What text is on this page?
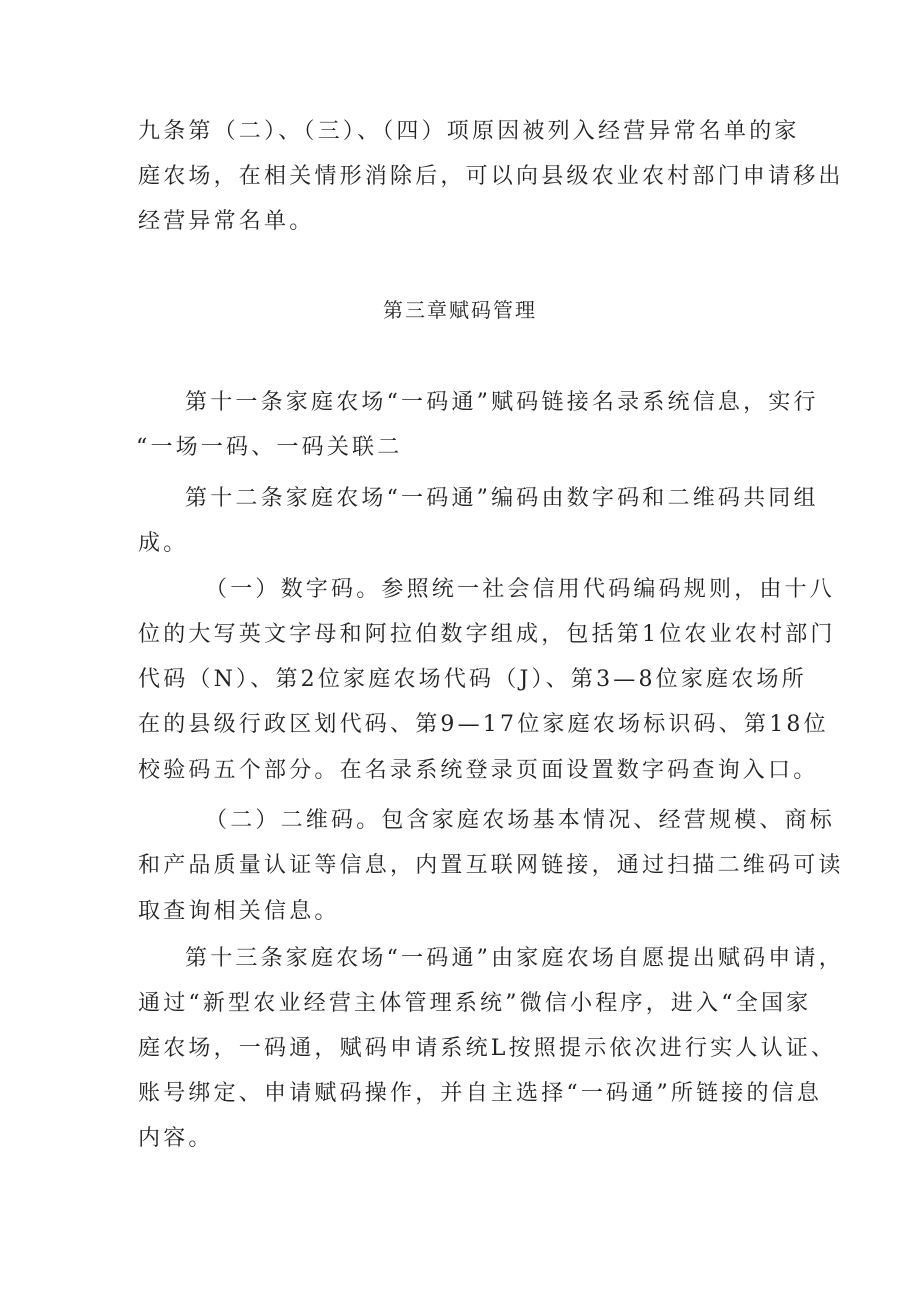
九条第（二）、（三）、（四）项原因被列入经营异常名单的家
庭农场，在相关情形消除后，可以向县级农业农村部门申请移出
经营异常名单。
第三章赋码管理
第十一条家庭农场“一码通”赋码链接名录系统信息，实行
“一场一码、一码关联二
第十二条家庭农场“一码通”编码由数字码和二维码共同组
成。
（一）数字码。参照统一社会信用代码编码规则，由十八
位的大写英文字母和阿拉伯数字组成，包括第1位农业农村部门
代码（N）、第2位家庭农场代码（J）、第3—8位家庭农场所
在的县级行政区划代码、第9—17位家庭农场标识码、第18位
校验码五个部分。在名录系统登录页面设置数字码查询入口。
（二）二维码。包含家庭农场基本情况、经营规模、商标
和产品质量认证等信息，内置互联网链接，通过扫描二维码可读
取查询相关信息。
第十三条家庭农场“一码通”由家庭农场自愿提出赋码申请，
通过“新型农业经营主体管理系统”微信小程序，进入“全国家
庭农场，一码通，赋码申请系统L按照提示依次进行实人认证、
账号绑定、申请赋码操作，并自主选择“一码通”所链接的信息
内容。
